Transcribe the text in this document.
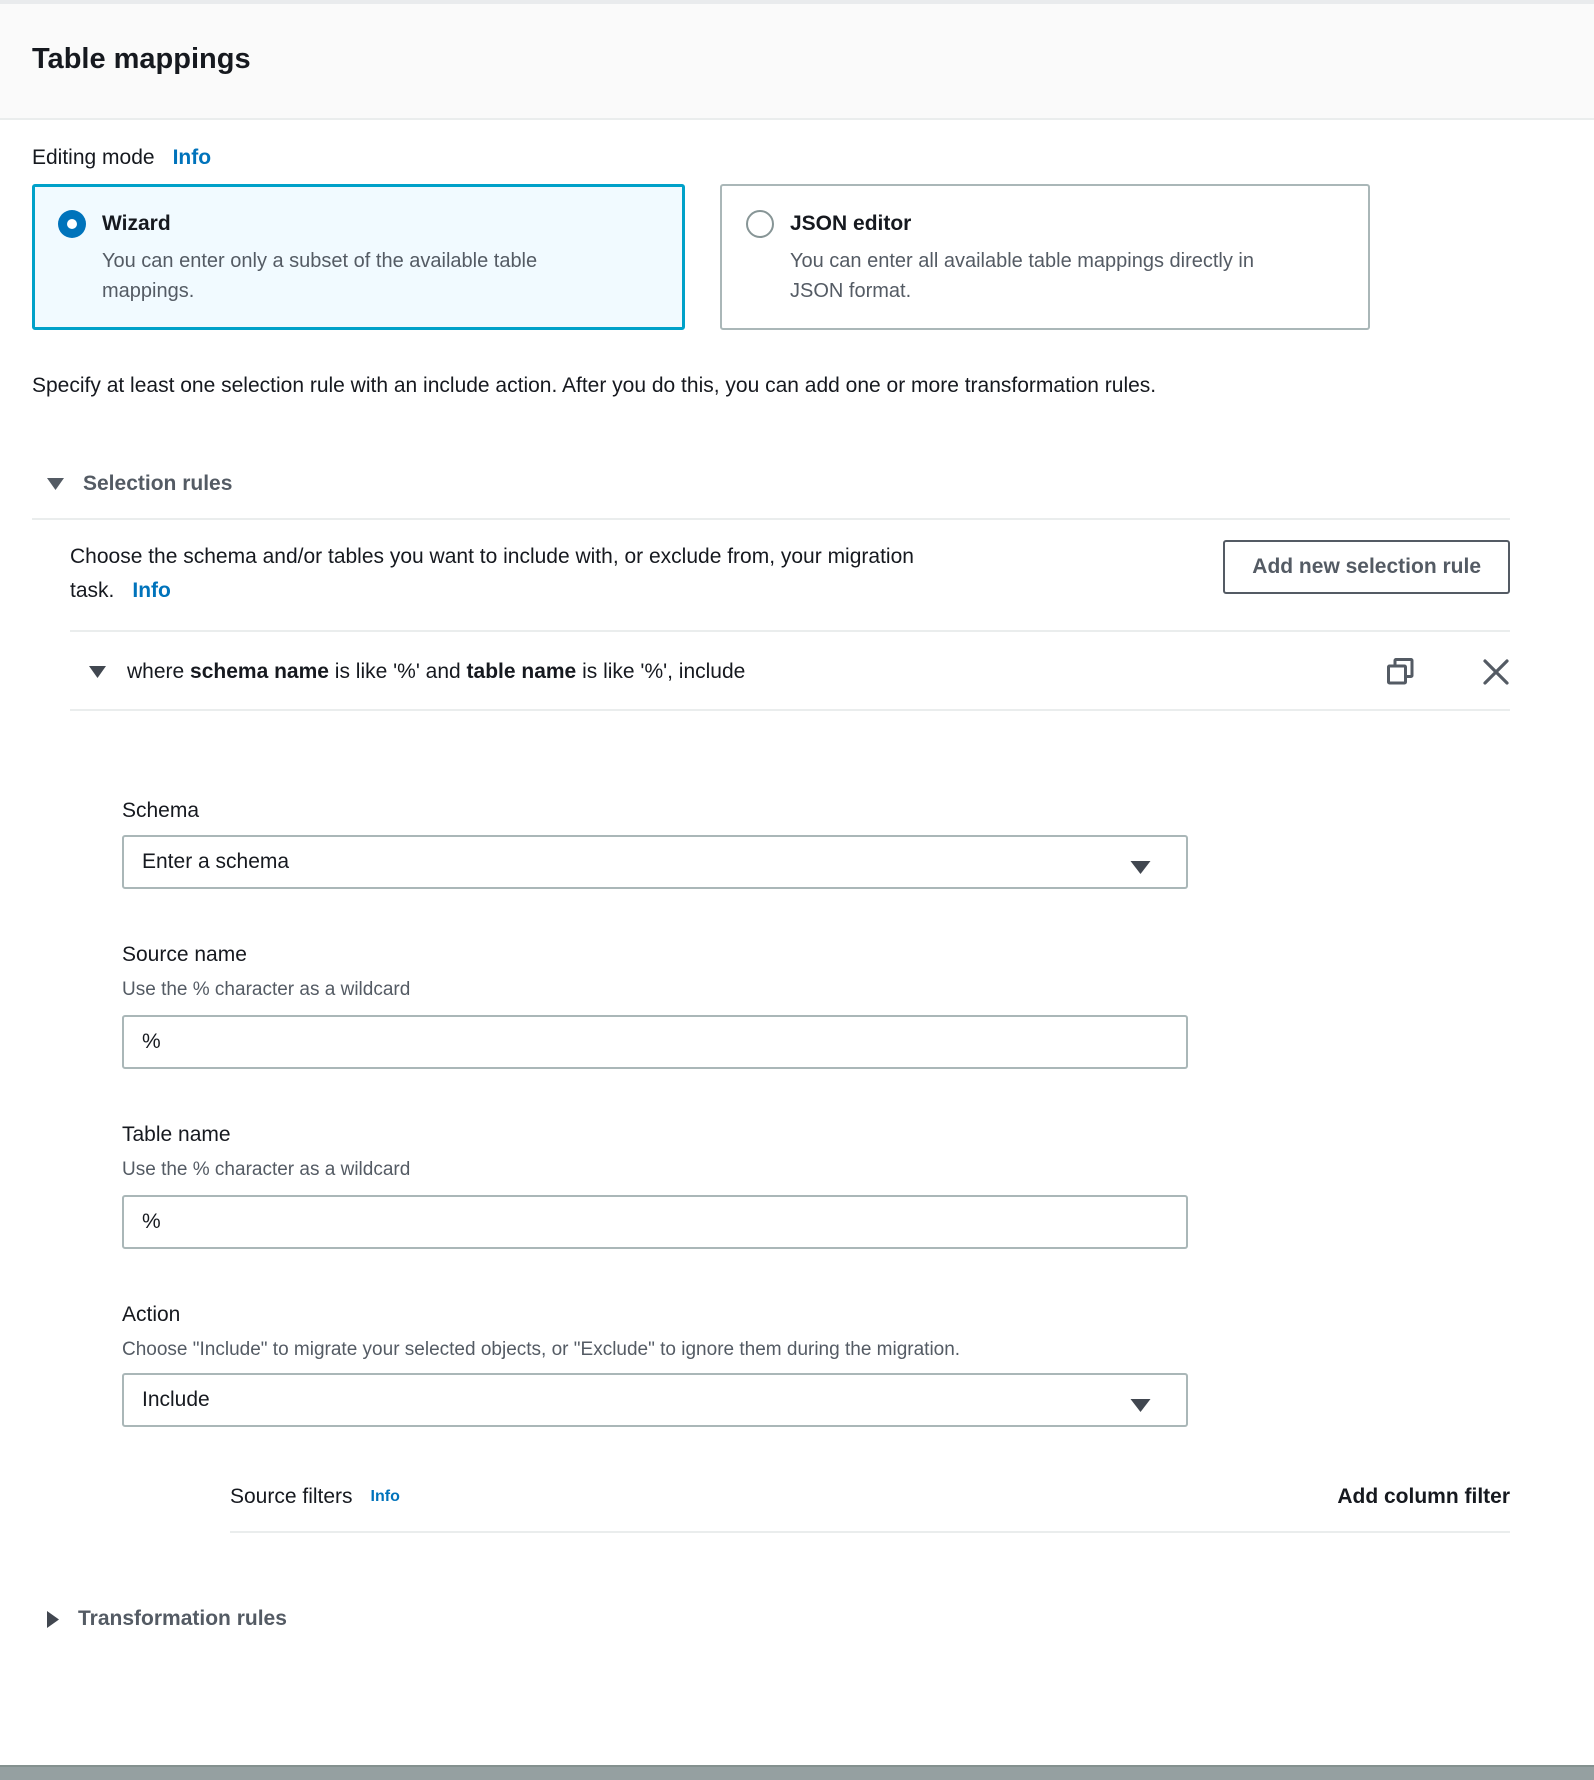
Table mappings
Editing mode Info
Wizard
You can enter only a subset of the available table mappings.
JSON editor
You can enter all available table mappings directly in JSON format.
Specify at least one selection rule with an include action. After you do this, you can add one or more transformation rules.
Selection rules
Choose the schema and/or tables you want to include with, or exclude from, your migration task. Info
Add new selection rule
where schema name is like '%' and table name is like '%', include
Schema
Enter a schema
Source name
Use the % character as a wildcard
%
Table name
Use the % character as a wildcard
%
Action
Choose "Include" to migrate your selected objects, or "Exclude" to ignore them during the migration.
Include
Source filters Info	Add column filter
Transformation rules
